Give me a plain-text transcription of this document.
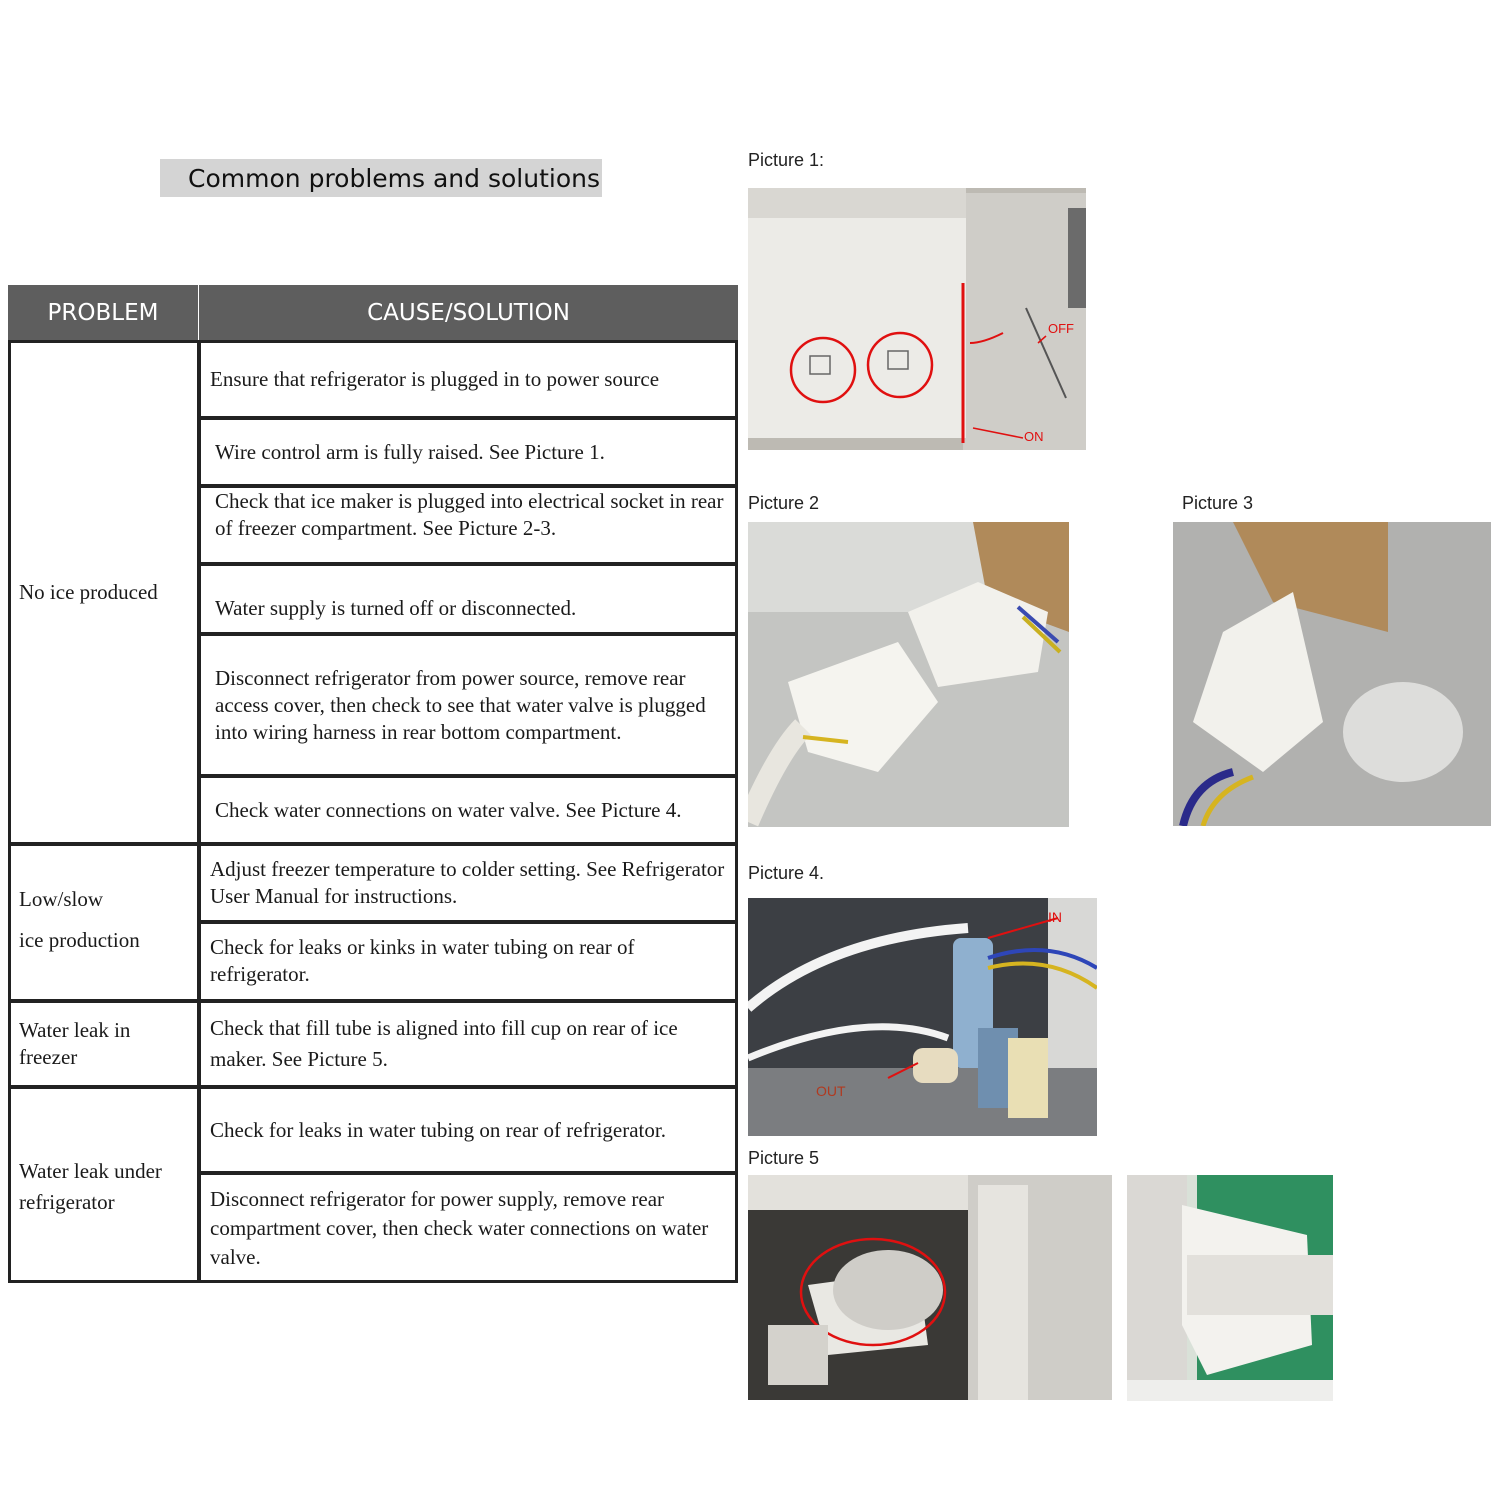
Common problems and solutions
PROBLEM	CAUSE/SOLUTION
No ice produced
Low/slow
ice production
Water leak in
freezer
Water leak under
refrigerator
Ensure that refrigerator is plugged in to power source
Wire control arm is fully raised. See Picture 1.
Check that ice maker is plugged into electrical socket in rear of freezer compartment. See Picture 2-3.
Water supply is turned off or disconnected.
Disconnect refrigerator from power source, remove rear access cover, then check to see that water valve is plugged into wiring harness in rear bottom compartment.
Check water connections on water valve. See Picture 4.
Adjust freezer temperature to colder setting. See Refrigerator User Manual for instructions.
Check for leaks or kinks in water tubing on rear of refrigerator.
Check that fill tube is aligned into fill cup on rear of ice maker. See Picture 5.
Check for leaks in water tubing on rear of refrigerator.
Disconnect refrigerator for power supply, remove rear compartment cover, then check water connections on water valve.
Picture 1:
Picture 2	Picture 3
Picture 4.
Picture 5
OFF
ON
IN
OUT
